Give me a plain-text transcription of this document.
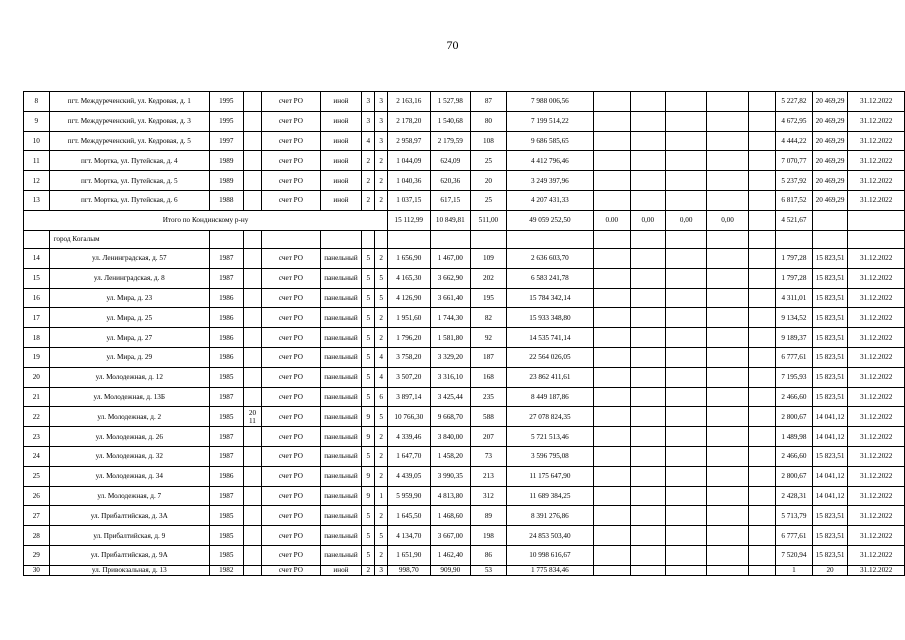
70
8	пгт. Междуреченский, ул. Кедровая, д. 1	1995		счет РО	иной	3	3	2 163,16	1 527,98	87	7 988 006,56						5 227,82	20 469,29	31.12.2022
9	пгт. Междуреченский, ул. Кедровая, д. 3	1995		счет РО	иной	3	3	2 178,20	1 540,68	80	7 199 514,22						4 672,95	20 469,29	31.12.2022
10	пгт. Междуреченский, ул. Кедровая, д. 5	1997		счет РО	иной	4	3	2 958,97	2 179,59	108	9 686 585,65						4 444,22	20 469,29	31.12.2022
11	пгт. Мортка, ул. Путейская, д. 4	1989		счет РО	иной	2	2	1 044,09	624,09	25	4 412 796,46						7 070,77	20 469,29	31.12.2022
12	пгт. Мортка, ул. Путейская, д. 5	1989		счет РО	иной	2	2	1 040,36	620,36	20	3 249 397,96						5 237,92	20 469,29	31.12.2022
13	пгт. Мортка, ул. Путейская, д. 6	1988		счет РО	иной	2	2	1 037,15	617,15	25	4 207 431,33						6 817,52	20 469,29	31.12.2022
Итого по Кондинскому р-ну								15 112,99	10 849,81	511,00	49 059 252,50	0.00	0,00	0,00	0,00		4 521,67		
	город Когалым																		
14	ул. Ленинградская, д. 57	1987		счет РО	панельный	5	2	1 656,90	1 467,00	109	2 636 603,70						1 797,28	15 823,51	31.12.2022
15	ул. Ленинградская, д. 8	1987		счет РО	панельный	5	5	4 165,30	3 662,90	202	6 583 241,78						1 797,28	15 823,51	31.12.2022
16	ул. Мира, д. 23	1986		счет РО	панельный	5	5	4 126,90	3 661,40	195	15 784 342,14						4 311,01	15 823,51	31.12.2022
17	ул. Мира, д. 25	1986		счет РО	панельный	5	2	1 951,60	1 744,30	82	15 933 348,80						9 134,52	15 823,51	31.12.2022
18	ул. Мира, д. 27	1986		счет РО	панельный	5	2	1 796,20	1 581,80	92	14 535 741,14						9 189,37	15 823,51	31.12.2022
19	ул. Мира, д. 29	1986		счет РО	панельный	5	4	3 758,20	3 329,20	187	22 564 026,05						6 777,61	15 823,51	31.12.2022
20	ул. Молодежная, д. 12	1985		счет РО	панельный	5	4	3 507,20	3 316,10	168	23 862 411,61						7 195,93	15 823,51	31.12.2022
21	ул. Молодежная, д. 13Б	1987		счет РО	панельный	5	6	3 897,14	3 425,44	235	8 449 187,86						2 466,60	15 823,51	31.12.2022
22	ул. Молодежная, д. 2	1985	20 11	счет РО	панельный	9	5	10 766,30	9 668,70	588	27 078 824,35						2 800,67	14 041,12	31.12.2022
23	ул. Молодежная, д. 26	1987		счет РО	панельный	9	2	4 339,46	3 840,00	207	5 721 513,46						1 489,98	14 041,12	31.12.2022
24	ул. Молодежная, д. 32	1987		счет РО	панельный	5	2	1 647,70	1 458,20	73	3 596 795,08						2 466,60	15 823,51	31.12.2022
25	ул. Молодежная, д. 34	1986		счет РО	панельный	9	2	4 439,05	3 990,35	213	11 175 647,90						2 800,67	14 041,12	31.12.2022
26	ул. Молодежная, д. 7	1987		счет РО	панельный	9	1	5 959,90	4 813,80	312	11 689 384,25						2 428,31	14 041,12	31.12.2022
27	ул. Прибалтийская, д. 3А	1985		счет РО	панельный	5	2	1 645,50	1 468,60	89	8 391 276,86						5 713,79	15 823,51	31.12.2022
28	ул. Прибалтийская, д. 9	1985		счет РО	панельный	5	5	4 134,70	3 667,00	198	24 853 503,40						6 777,61	15 823,51	31.12.2022
29	ул. Прибалтийская, д. 9А	1985		счет РО	панельный	5	2	1 651,90	1 462,40	86	10 998 616,67						7 520,94	15 823,51	31.12.2022
30	ул. Привокзальная, д. 13	1982		счет РО	иной	2	3	998,70	909,90	53	1 775 834,46						1	20	31.12.2022
